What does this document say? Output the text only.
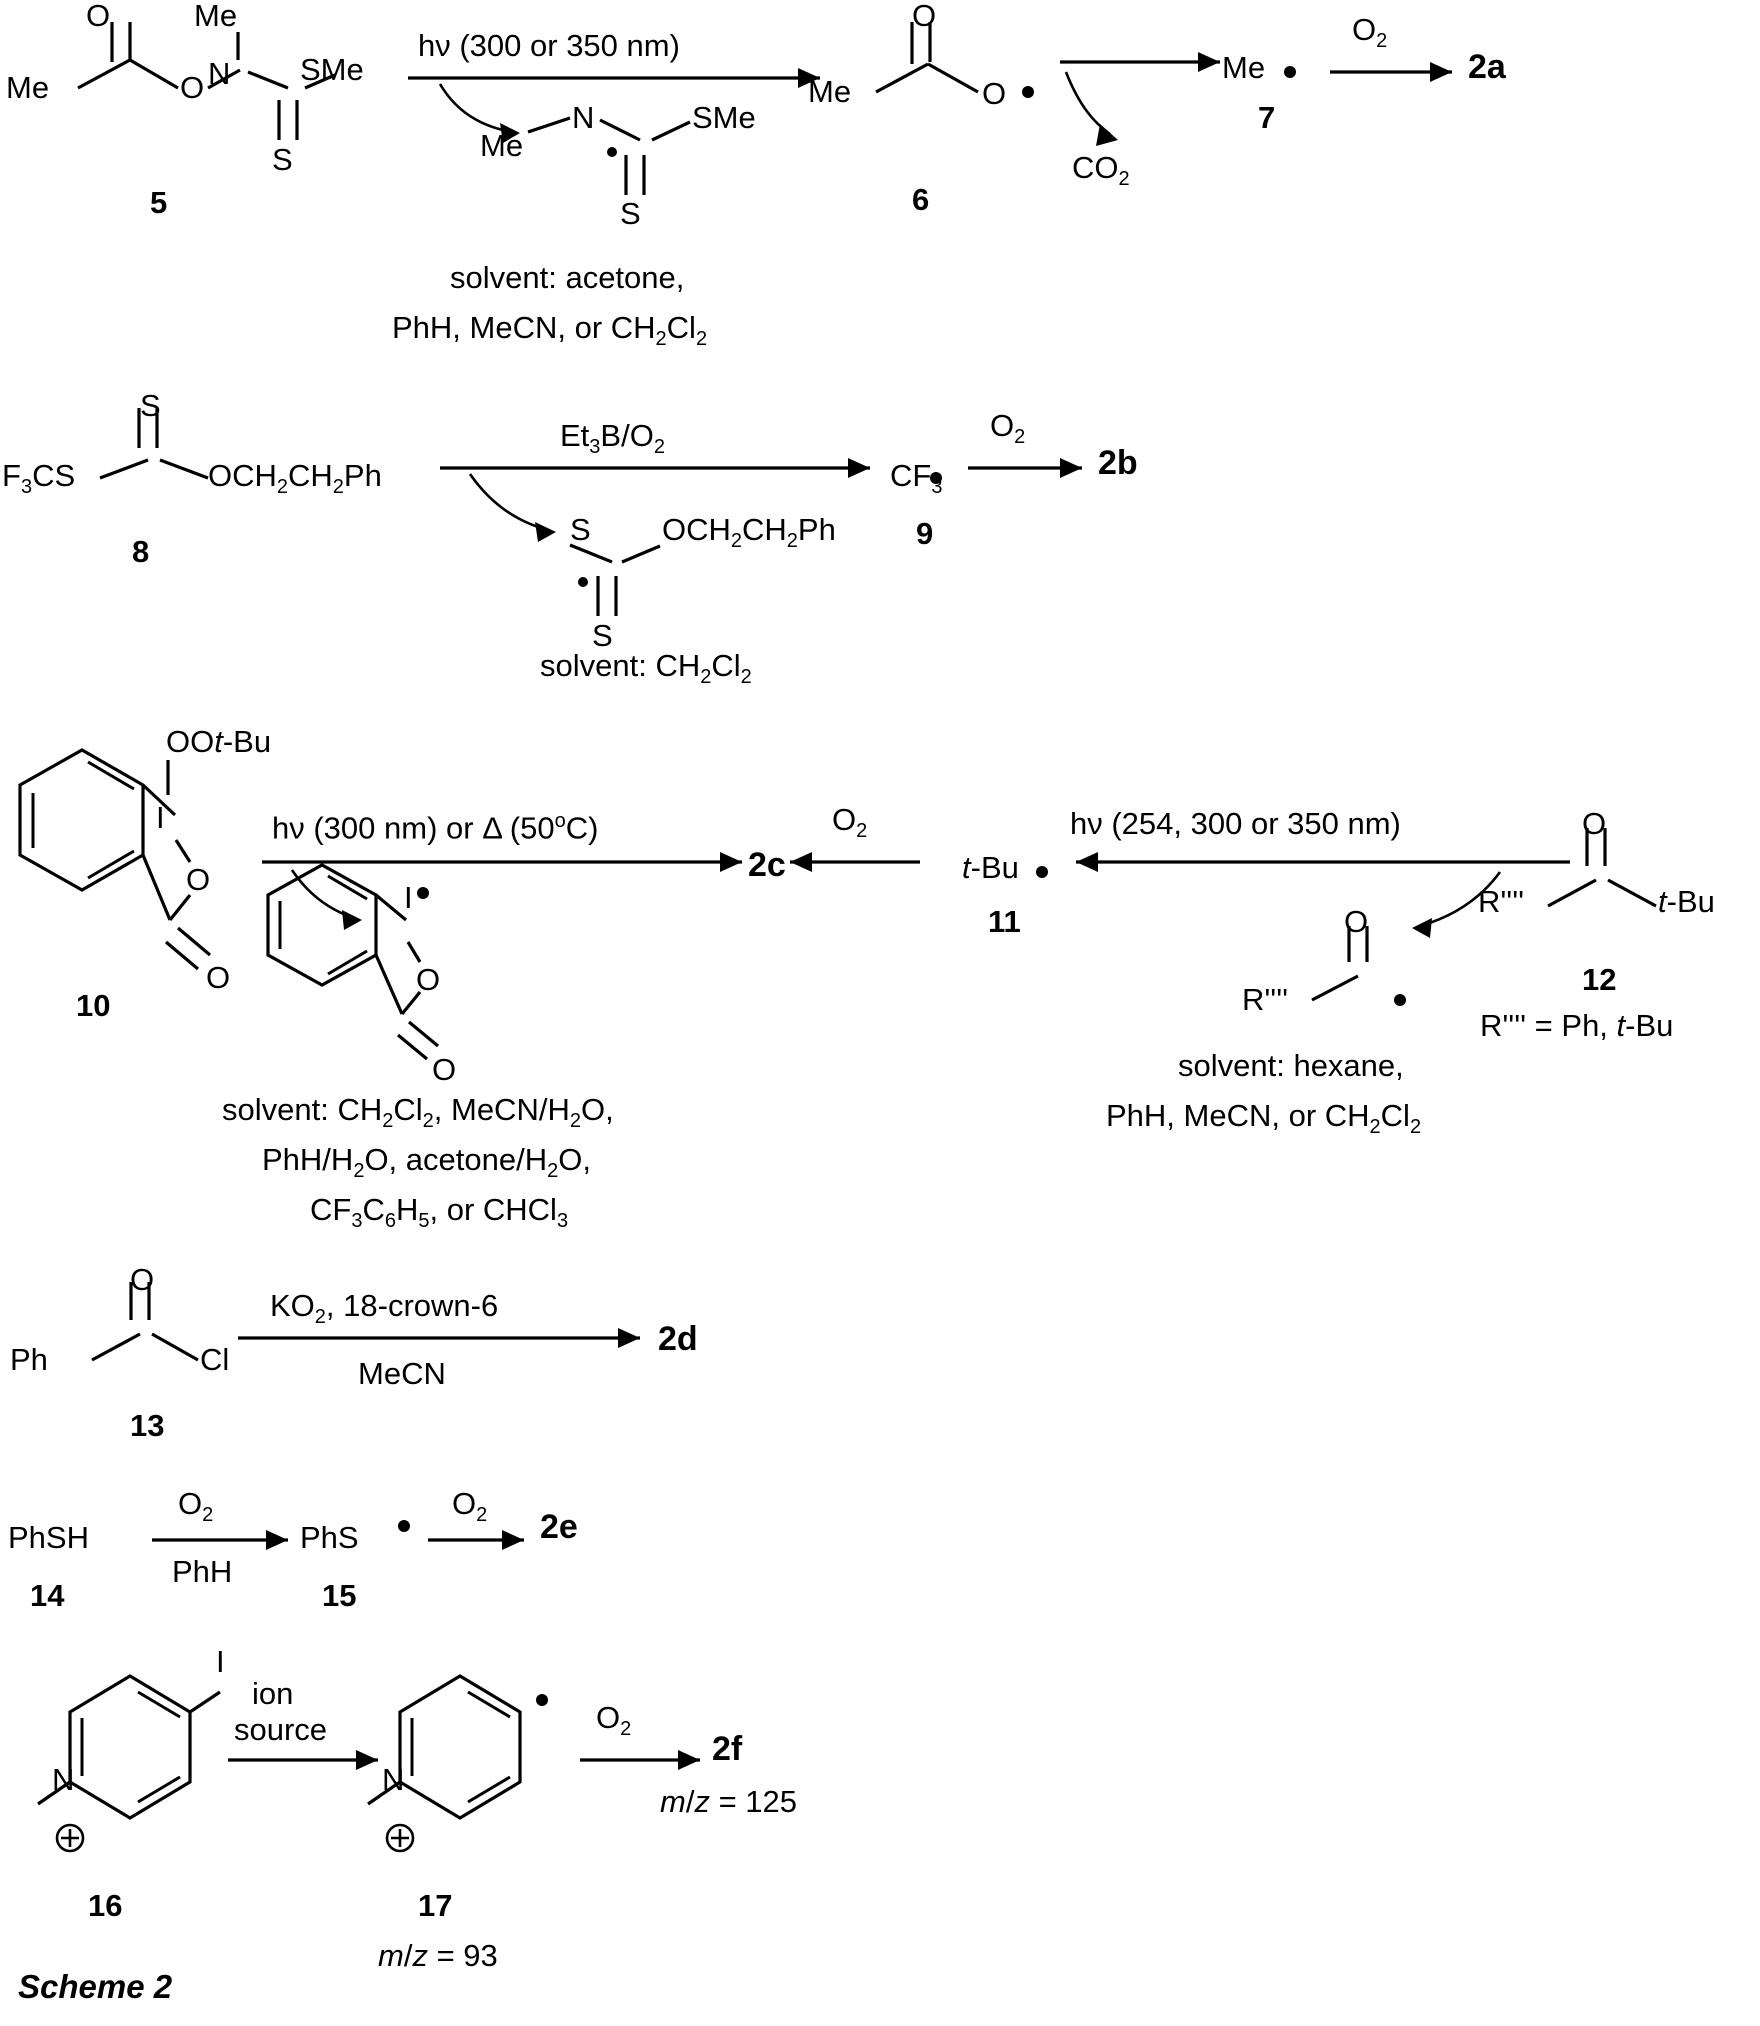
Me
O
O N
Me
S
SMe
5
hν (300 or 350 nm)
solvent: acetone,
PhH, MeCN, or $CH_2Cl_2$
Me
N	SMe
S
Me
O
O
6
$CO_2$
Me
7
$O_2$
2a
$F_3CS$
S
$OCH_2CH_2Ph$
8
$Et_3B/O_2$
solvent: $CH_2Cl_2$
S $OCH_2CH_2Ph$
S
$CF_3$
9
$O_2$
2b
OOt-Bu
I
O
O
10
hν (300 nm) or Δ (50$^o$C)
solvent: $CH_2Cl_2$, MeCN/$H_2O$,
PhH/$H_2O$, acetone/$H_2O$,
$CF_3C_6H_5$, or CHCl$_3$
I
O
O
2c
$O_2$
t-Bu
11
hν (254, 300 or 350 nm)
O
R''''
O
R''''	t-Bu
12
R'''' = Ph, t-Bu
solvent: hexane,
PhH, MeCN, or $CH_2Cl_2$
Ph
O
Cl
13
$KO_2$, 18-crown-6
MeCN
2d
PhSH
14
$O_2$
PhH
PhS
15
$O_2$ 2e
I
N
16
ion
source
N
17
m/z = 93
$O_2$
2f
m/z = 125
Scheme 2
